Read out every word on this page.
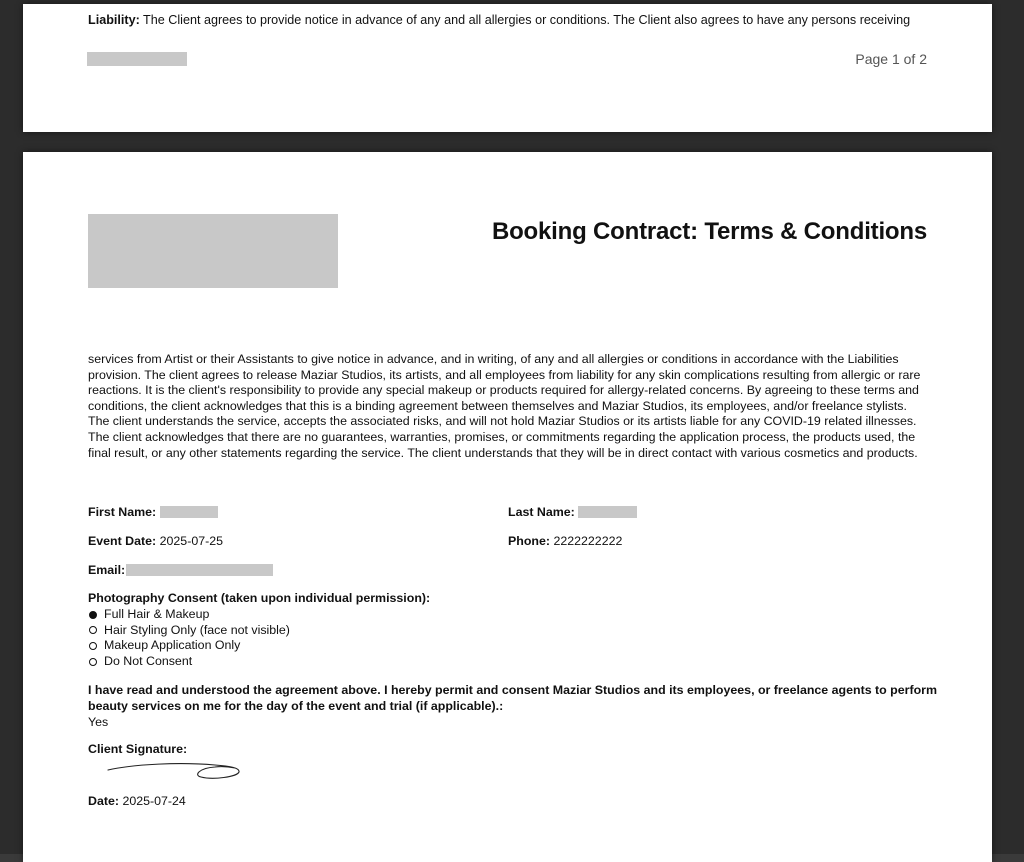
Liability: The Client agrees to provide notice in advance of any and all allergies or conditions. The Client also agrees to have any persons receiving
Page 1 of 2
Booking Contract: Terms & Conditions
services from Artist or their Assistants to give notice in advance, and in writing, of any and all allergies or conditions in accordance with the Liabilities provision. The client agrees to release Maziar Studios, its artists, and all employees from liability for any skin complications resulting from allergic or rare reactions. It is the client's responsibility to provide any special makeup or products required for allergy-related concerns. By agreeing to these terms and conditions, the client acknowledges that this is a binding agreement between themselves and Maziar Studios, its employees, and/or freelance stylists. The client understands the service, accepts the associated risks, and will not hold Maziar Studios or its artists liable for any COVID-19 related illnesses. The client acknowledges that there are no guarantees, warranties, promises, or commitments regarding the application process, the products used, the final result, or any other statements regarding the service. The client understands that they will be in direct contact with various cosmetics and products.
First Name:	Last Name:
Event Date: 2025-07-25	Phone: 2222222222
Email:
Photography Consent (taken upon individual permission):
Full Hair & Makeup
Hair Styling Only (face not visible)
Makeup Application Only
Do Not Consent
I have read and understood the agreement above. I hereby permit and consent Maziar Studios and its employees, or freelance agents to perform beauty services on me for the day of the event and trial (if applicable).:
Yes
Client Signature:
Date: 2025-07-24
